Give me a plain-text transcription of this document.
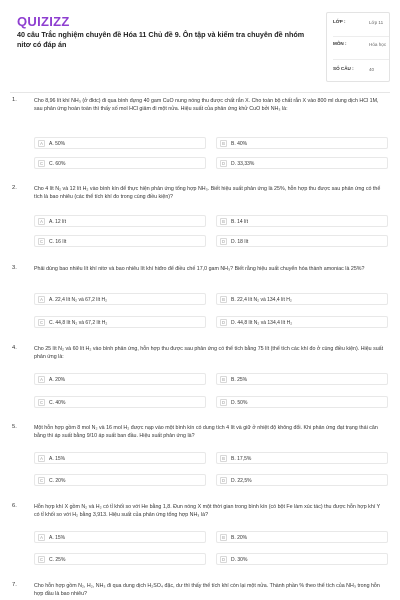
QUIZIZZ
40 câu Trắc nghiệm chuyên đề Hóa 11 Chủ đề 9. Ôn tập và kiểm tra chuyên đề nhóm nitơ có đáp án
LỚP :	Lớp 11
MÔN :	Hóa học
SỐ CÂU :	40
1.	Cho 8,96 lít khí NH₃ (ở đktc) đi qua bình đựng 40 gam CuO nung nóng thu được chất rắn X. Cho toàn bộ chất rắn X vào 800 ml dung dịch HCl 1M, sau phản ứng hoàn toàn thì thấy số mol HCl giảm đi một nửa. Hiệu suất của phản ứng khử CuO bởi NH₃ là:
A	A. 50%	B	B. 40%
C	C. 60%	D	D. 33,33%
2.	Cho 4 lít N₂ và 12 lít H₂ vào bình kín để thực hiện phản ứng tổng hợp NH₃. Biết hiệu suất phản ứng là 25%, hỗn hợp thu được sau phản ứng có thể tích là bao nhiêu (các thể tích khí đo trong cùng điều kiện)?
A	A. 12 lít	B	B. 14 lít
C	C. 16 lít	D	D. 18 lít
3.	Phải dùng bao nhiêu lít khí nitơ và bao nhiêu lít khí hiđro để điều chế 17,0 gam NH₃? Biết rằng hiệu suất chuyển hóa thành amoniac là 25%?
A	A. 22,4 lít N₂ và 67,2 lít H₂	B	B. 22,4 lít N₂ và 134,4 lít H₂
C	C. 44,8 lít N₂ và 67,2 lít H₂	D	D. 44,8 lít N₂ và 134,4 lít H₂
4.	Cho 25 lít N₂ và 60 lít H₂ vào bình phản ứng, hỗn hợp thu được sau phản ứng có thể tích bằng 75 lít (thể tích các khí đo ở cùng điều kiện). Hiệu suất phản ứng là:
A	A. 20%	B	B. 25%
C	C. 40%	D	D. 50%
5.	Một hỗn hợp gồm 8 mol N₂ và 16 mol H₂ được nạp vào một bình kín có dung tích 4 lít và giữ ở nhiệt độ không đổi. Khi phản ứng đạt trạng thái cân bằng thì áp suất bằng 9/10 áp suất ban đầu. Hiệu suất phản ứng là?
A	A. 15%	B	B. 17,5%
C	C. 20%	D	D. 22,5%
6.	Hỗn hợp khí X gồm N₂ và H₂ có tỉ khối so với He bằng 1,8. Đun nóng X một thời gian trong bình kín (có bột Fe làm xúc tác) thu được hỗn hợp khí Y có tỉ khối so với H₂ bằng 3,913. Hiệu suất của phản ứng tổng hợp NH₃ là?
A	A. 15%	B	B. 20%
C	C. 25%	D	D. 30%
7.	Cho hỗn hợp gồm N₂, H₂, NH₃ đi qua dung dịch H₂SO₄ đặc, dư thì thấy thể tích khí còn lại một nửa. Thành phần % theo thể tích của NH₃ trong hỗn hợp đầu là bao nhiêu?
